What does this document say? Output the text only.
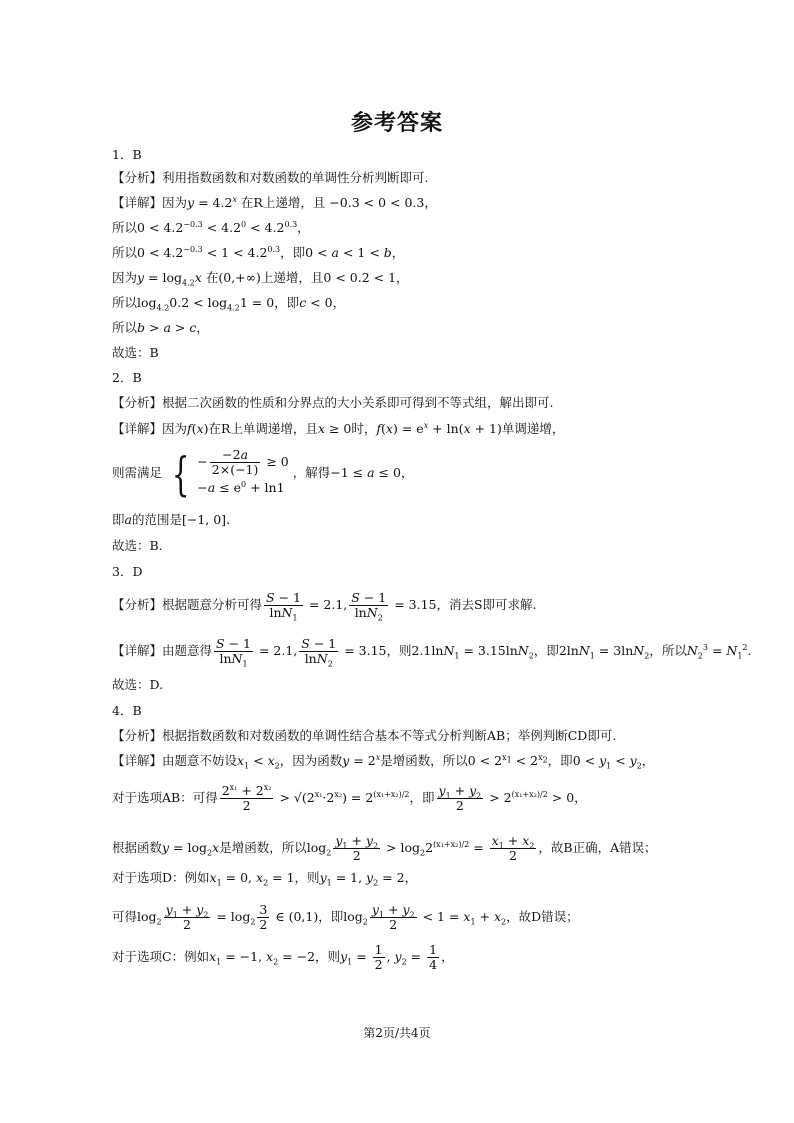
参考答案
1．B
【分析】利用指数函数和对数函数的单调性分析判断即可.
【详解】因为$y = 4.2^x$ 在R上递增，且 −0.3 < 0 < 0.3，
所以$0 < 4.2^{-0.3} < 4.2^0 < 4.2^{0.3}$，
所以$0 < 4.2^{-0.3} < 1 < 4.2^{0.3}$，即0 < a < 1 < b，
因为$y = \log_{4.2}x$ 在(0,+∞)上递增，且0 < 0.2 < 1，
所以$\log_{4.2}0.2 < \log_{4.2}1 = 0$，即c < 0，
所以b > a > c，
故选：B
2．B
【分析】根据二次函数的性质和分界点的大小关系即可得到不等式组，解出即可.
【详解】因为f(x)在R上单调递增，且x ≥ 0时，$f(x) = e^x + \ln(x + 1)$单调递增，
则需满足 { − $\frac{-2a}{2\times(-1)} \ge 0$
$-a \le e^0 + \ln 1$
，解得−1 ≤ a ≤ 0，
即a的范围是[−1, 0].
故选：B.
3．D
【分析】根据题意分析可得 $\frac{S - 1}{\ln N_1} = 2.1$, $\frac{S - 1}{\ln N_2} = 3.15$，消去S即可求解.
【详解】由题意得 $\frac{S - 1}{\ln N_1} = 2.1$, $\frac{S - 1}{\ln N_2} = 3.15$，则2.1lnN$_1$ = 3.15lnN$_2$，即2lnN$_1$ = 3lnN$_2$，所以$N_2^3 = N_1^2$.
故选：D.
4．B
【分析】根据指数函数和对数函数的单调性结合基本不等式分析判断AB；举例判断CD即可.
【详解】由题意不妨设$x_1 < x_2$，因为函数$y = 2^x$是增函数，所以$0 < 2^{x_1} < 2^{x_2}$，即$0 < y_1 < y_2$，
对于选项AB：可得 $\frac{2^{x_1} + 2^{x_2}}{2} > √(2^{x_1}\cdot 2^{x_2}) = 2^{(x_1+x_2)/2}$，即 $\frac{y_1 + y_2}{2} > 2^{(x_1+x_2)/2} > 0$，
根据函数$y = \log_2x$是增函数，所以$\log_2 \frac{y_1 + y_2}{2} > \log_22^{(x_1+x_2)/2} = \frac{x_1 + x_2}{2}$ ，故B正确，A错误；
对于选项D：例如$x_1 = 0$, $x_2 = 1$，则$y_1 = 1$, $y_2 = 2$，
可得$\log_2 \frac{y_1 + y_2}{2} = \log_2 \frac{3}{2}$ ∈ (0,1)，即$\log_2 \frac{y_1 + y_2}{2} < 1 = x_1 + x_2$，故D错误；
对于选项C：例如$x_1 = -1$, $x_2 = -2$，则$y_1 = \frac{1}{2}$ , $y_2 = \frac{1}{4}$ ，
第2页/共4页
